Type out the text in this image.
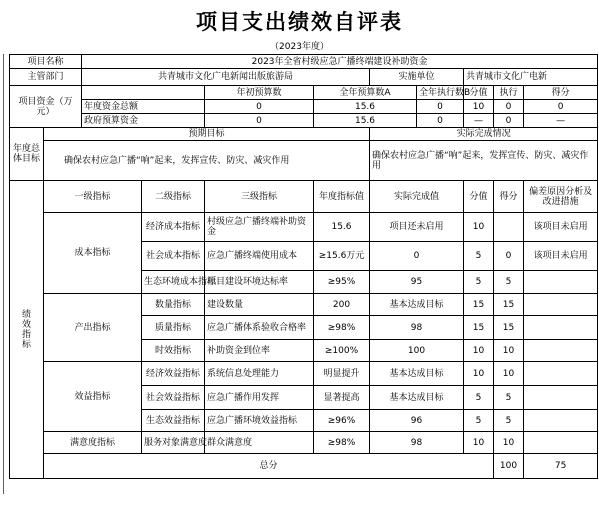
项目支出绩效自评表
（2023年度）
项目名称		2023年全省村级应急广播终端建设补助资金									
主管部门		共青城市文化广电新闻出版旅游局				实施单位		共青城市文化广电新			
项目资金（万元）				年初预算数	全年预算数A		全年执行数B	分值	执行	得分	
		年度资金总额		0	15.6		0	10	0	0	
		政府预算资金		0	15.6		0	—	0	—	
年度总体目标	预期目标					实际完成情况					
	确保农村应急广播“响”起来，发挥宣传、防灾、减灾作用					确保农村应急广播“响”起来，发挥宣传、防灾、减灾作用					
绩效指标	一级指标		二级指标	三级指标	年度指标值	实际完成值		分值	得分	偏差原因分析及改进措施	
	成本指标		经济成本指标	村级应急广播终端补助资金	15.6	项目还未启用		10		该项目未启用	
			社会成本指标	应急广播终端使用成本	≥15.6万元	0		5	0	该项目未启用	
			生态环境成本指标	项目建设环境达标率	≥95%	95		5	5		
	产出指标		数量指标	建设数量	200	基本达成目标		15	15		
			质量指标	应急广播体系验收合格率	≥98%	98		15	15		
			时效指标	补助资金到位率	≥100%	100		10	10		
	效益指标		经济效益指标	系统信息处理能力	明显提升	基本达成目标		10	10		
			社会效益指标	应急广播作用发挥	显著提高	基本达成目标		5	5		
			生态效益指标	应急广播环境效益指标	≥96%	96		5	5		
	满意度指标		服务对象满意度	群众满意度	≥98%	98		10	10		
	总分								100	75	
